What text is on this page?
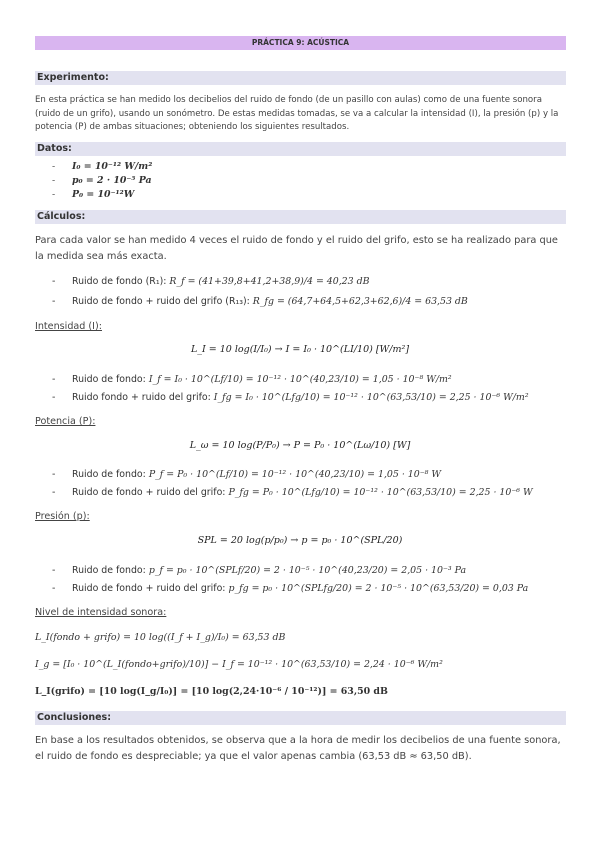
PRÁCTICA 9: ACÚSTICA
Experimento:
En esta práctica se han medido los decibelios del ruido de fondo (de un pasillo con aulas) como de una fuente sonora (ruido de un grifo), usando un sonómetro. De estas medidas tomadas, se va a calcular la intensidad (I), la presión (p) y la potencia (P) de ambas situaciones; obteniendo los siguientes resultados.
Datos:
- I₀ = 10⁻¹² W/m²
- p₀ = 2 · 10⁻⁵ Pa
- P₀ = 10⁻¹²W
Cálculos:
Para cada valor se han medido 4 veces el ruido de fondo y el ruido del grifo, esto se ha realizado para que la medida sea más exacta.
- Ruido de fondo (R₁): R_f = (41+39,8+41,2+38,9)/4 = 40,23 dB
- Ruido de fondo + ruido del grifo (R₁₃): R_fg = (64,7+64,5+62,3+62,6)/4 = 63,53 dB
Intensidad (I):
L_I = 10 log(I/I₀) → I = I₀ · 10^(LI/10) [W/m²]
- Ruido de fondo: I_f = I₀ · 10^(Lf/10) = 10⁻¹² · 10^(40,23/10) = 1,05 · 10⁻⁸ W/m²
- Ruido fondo + ruido del grifo: I_fg = I₀ · 10^(Lfg/10) = 10⁻¹² · 10^(63,53/10) = 2,25 · 10⁻⁶ W/m²
Potencia (P):
L_ω = 10 log(P/P₀) → P = P₀ · 10^(Lω/10) [W]
- Ruido de fondo: P_f = P₀ · 10^(Lf/10) = 10⁻¹² · 10^(40,23/10) = 1,05 · 10⁻⁸ W
- Ruido de fondo + ruido del grifo: P_fg = P₀ · 10^(Lfg/10) = 10⁻¹² · 10^(63,53/10) = 2,25 · 10⁻⁶ W
Presión (p):
SPL = 20 log(p/p₀) → p = p₀ · 10^(SPL/20)
- Ruido de fondo: p_f = p₀ · 10^(SPLf/20) = 2 · 10⁻⁵ · 10^(40,23/20) = 2,05 · 10⁻³ Pa
- Ruido de fondo + ruido del grifo: p_fg = p₀ · 10^(SPLfg/20) = 2 · 10⁻⁵ · 10^(63,53/20) = 0,03 Pa
Nivel de intensidad sonora:
L_I(fondo + grifo) = 10 log((I_f + I_g)/I₀) = 63,53 dB
I_g = [I₀ · 10^(L_I(fondo+grifo)/10)] − I_f = 10⁻¹² · 10^(63,53/10) = 2,24 · 10⁻⁶ W/m²
L_I(grifo) = [10 log(I_g/I₀)] = [10 log(2,24·10⁻⁶ / 10⁻¹²)] = 63,50 dB
Conclusiones:
En base a los resultados obtenidos, se observa que a la hora de medir los decibelios de una fuente sonora, el ruido de fondo es despreciable; ya que el valor apenas cambia (63,53 dB ≈ 63,50 dB).
